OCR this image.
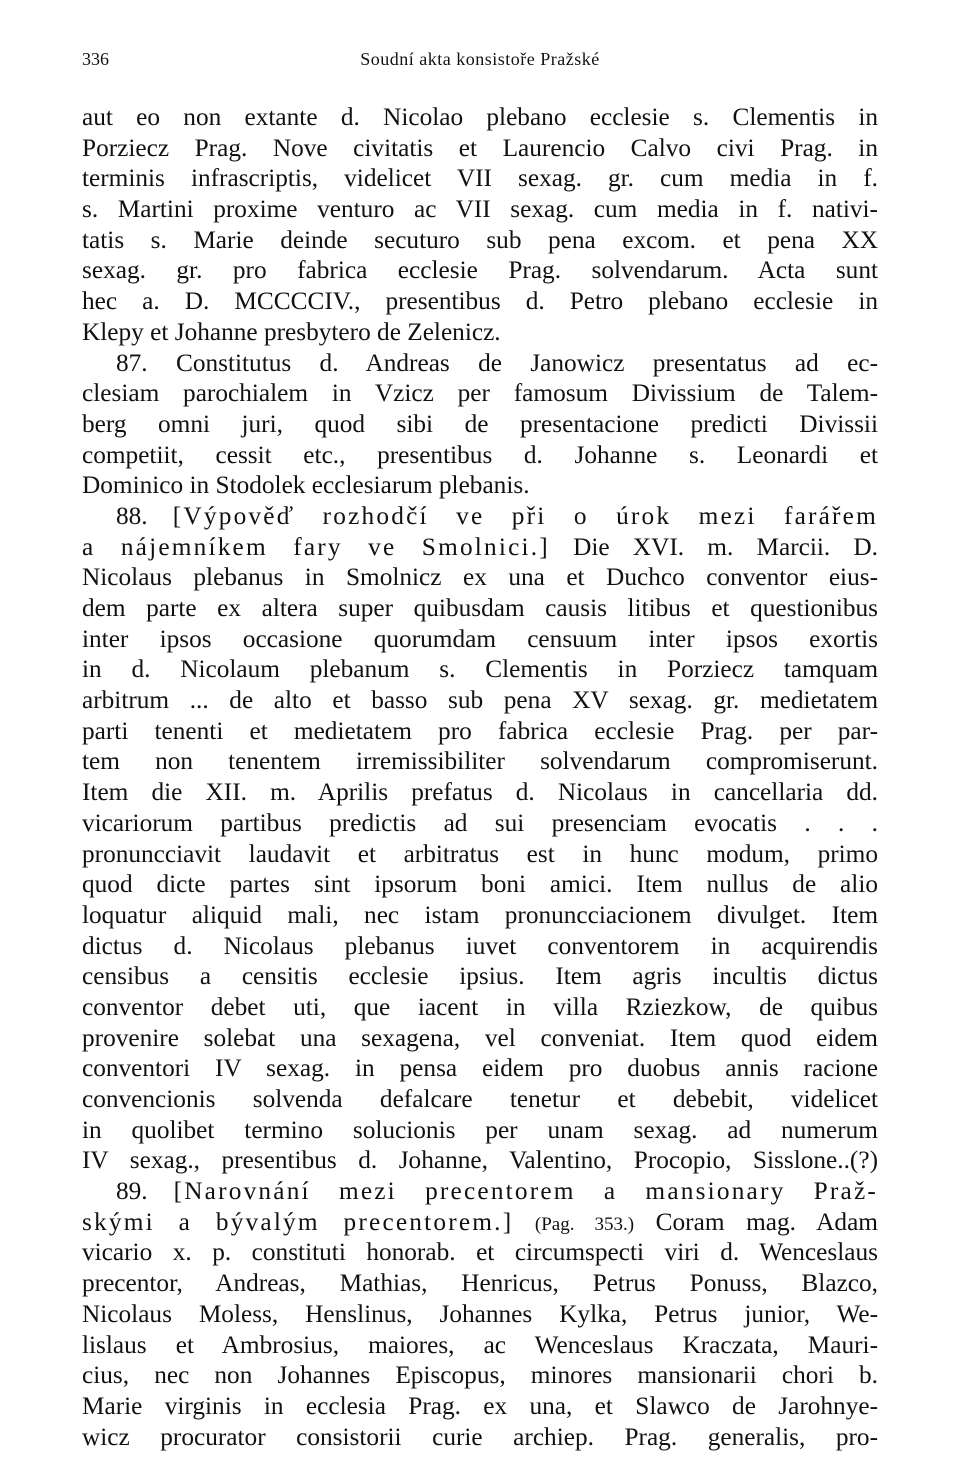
336	Soudní akta konsistoře Pražské
aut eo non extante d. Nicolao plebano ecclesie s. Clementis in
Porziecz Prag. Nove civitatis et Laurencio Calvo civi Prag. in
terminis infrascriptis, videlicet VII sexag. gr. cum media in f.
s. Martini proxime venturo ac VII sexag. cum media in f. nativi-
tatis s. Marie deinde secuturo sub pena excom. et pena XX
sexag. gr. pro fabrica ecclesie Prag. solvendarum. Acta sunt
hec a. D. MCCCCIV., presentibus d. Petro plebano ecclesie in
Klepy et Johanne presbytero de Zelenicz.
87. Constitutus d. Andreas de Janowicz presentatus ad ec-
clesiam parochialem in Vzicz per famosum Divissium de Talem-
berg omni juri, quod sibi de presentacione predicti Divissii
competiit, cessit etc., presentibus d. Johanne s. Leonardi et
Dominico in Stodolek ecclesiarum plebanis.
88. [Výpověď rozhodčí ve při o úrok mezi farářem
a nájemníkem fary ve Smolnici.] Die XVI. m. Marcii. D.
Nicolaus plebanus in Smolnicz ex una et Duchco conventor eius-
dem parte ex altera super quibusdam causis litibus et questionibus
inter ipsos occasione quorumdam censuum inter ipsos exortis
in d. Nicolaum plebanum s. Clementis in Porziecz tamquam
arbitrum ... de alto et basso sub pena XV sexag. gr. medietatem
parti tenenti et medietatem pro fabrica ecclesie Prag. per par-
tem non tenentem irremissibiliter solvendarum compromiserunt.
Item die XII. m. Aprilis prefatus d. Nicolaus in cancellaria dd.
vicariorum partibus predictis ad sui presenciam evocatis . . .
pronuncciavit laudavit et arbitratus est in hunc modum, primo
quod dicte partes sint ipsorum boni amici. Item nullus de alio
loquatur aliquid mali, nec istam pronuncciacionem divulget. Item
dictus d. Nicolaus plebanus iuvet conventorem in acquirendis
censibus a censitis ecclesie ipsius. Item agris incultis dictus
conventor debet uti, que iacent in villa Rziezkow, de quibus
provenire solebat una sexagena, vel conveniat. Item quod eidem
conventori IV sexag. in pensa eidem pro duobus annis racione
convencionis solvenda defalcare tenetur et debebit, videlicet
in quolibet termino solucionis per unam sexag. ad numerum
IV sexag., presentibus d. Johanne, Valentino, Procopio, Sisslone..(?)
89. [Narovnání mezi precentorem a mansionary Praž-
skými a bývalým precentorem.] (Pag. 353.) Coram mag. Adam
vicario x. p. constituti honorab. et circumspecti viri d. Wenceslaus
precentor, Andreas, Mathias, Henricus, Petrus Ponuss, Blazco,
Nicolaus Moless, Henslinus, Johannes Kylka, Petrus junior, We-
lislaus et Ambrosius, maiores, ac Wenceslaus Kraczata, Mauri-
cius, nec non Johannes Episcopus, minores mansionarii chori b.
Marie virginis in ecclesia Prag. ex una, et Slawco de Jarohnye-
wicz procurator consistorii curie archiep. Prag. generalis, pro-
